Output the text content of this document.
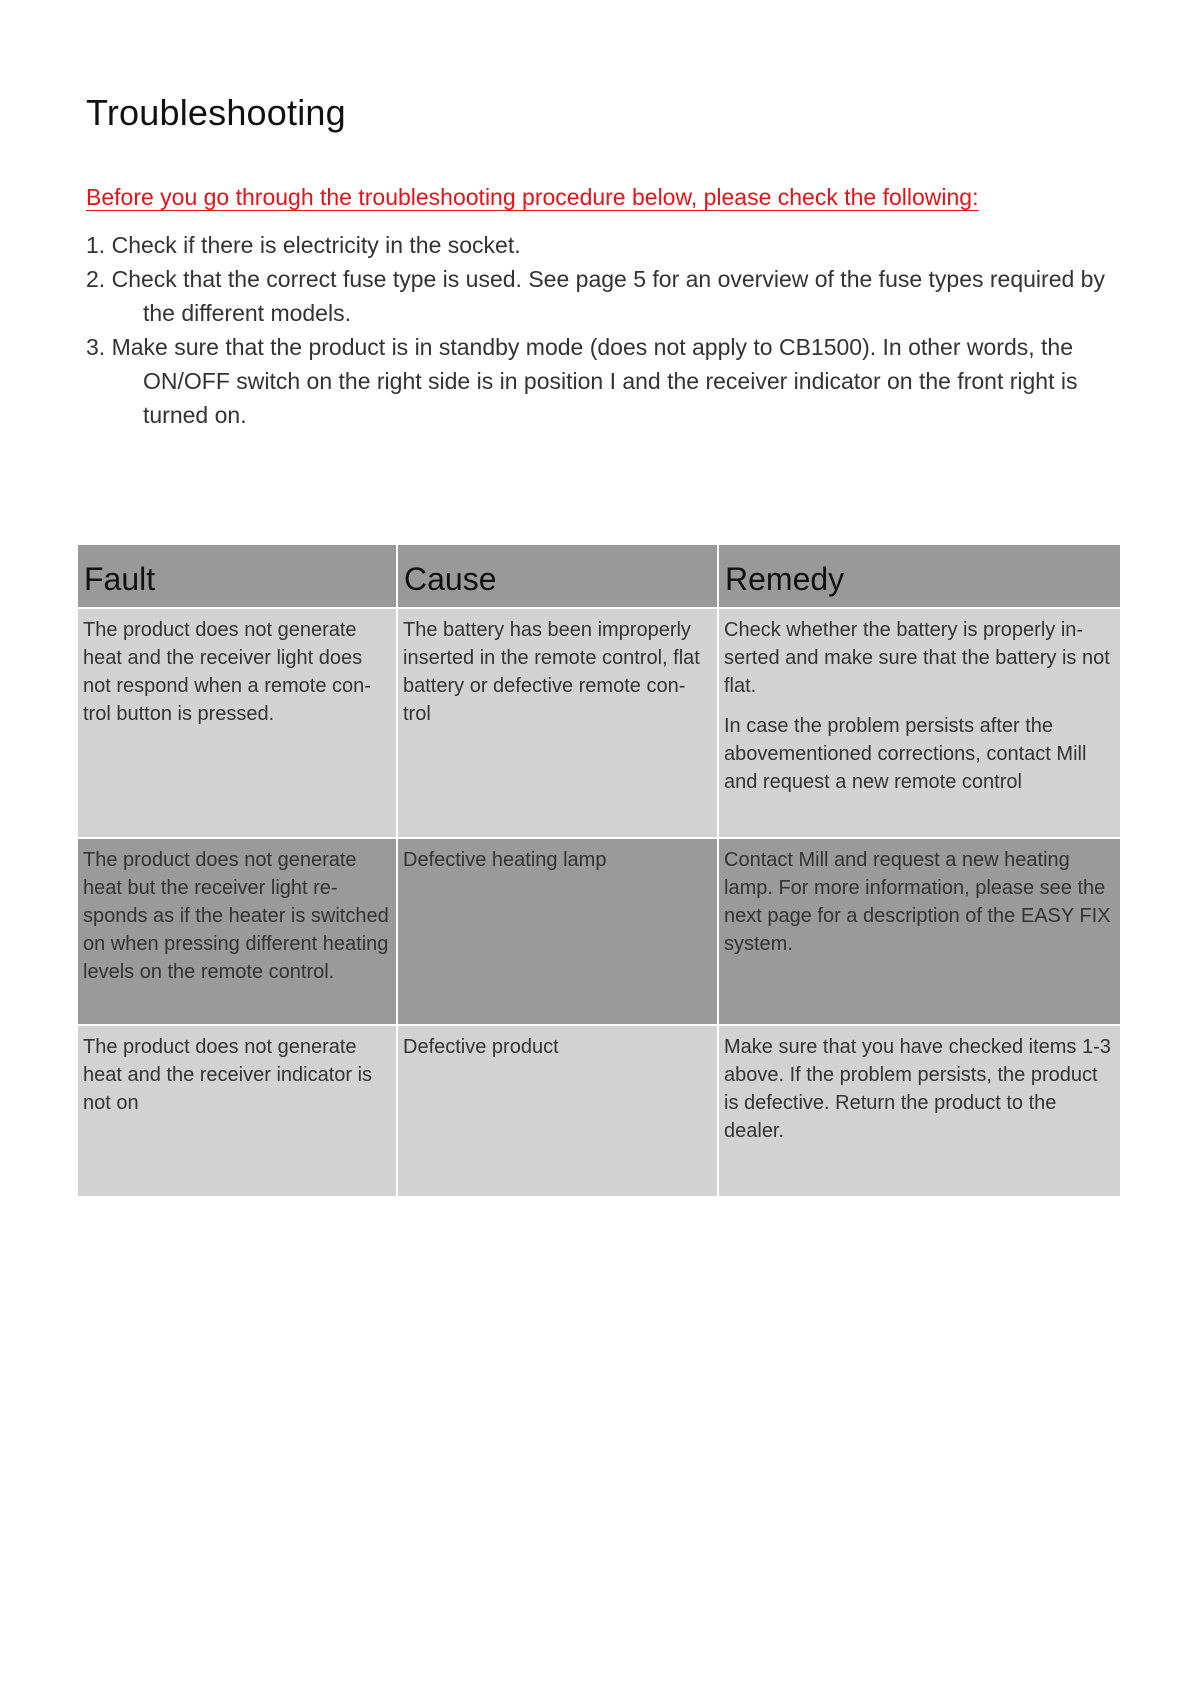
Troubleshooting

Before you go through the troubleshooting procedure below, please check the following:

1. Check if there is electricity in the socket.
2. Check that the correct fuse type is used. See page 5 for an overview of the fuse types required by the different models.
3. Make sure that the product is in standby mode (does not apply to CB1500). In other words, the ON/OFF switch on the right side is in position I and the receiver indicator on the front right is turned on.
Fault	Cause	Remedy
The product does not generate heat and the receiver light does not respond when a remote con-trol button is pressed.	The battery has been improperly inserted in the remote control, flat battery or defective remote con-trol	Check whether the battery is properly in-serted and make sure that the battery is not flat.

In case the problem persists after the abovementioned corrections, contact Mill and request a new remote control

The product does not generate heat but the receiver light re-sponds as if the heater is switched on when pressing different heating levels on the remote control.	Defective heating lamp	Contact Mill and request a new heating lamp. For more information, please see the next page for a description of the EASY FIX system.

The product does not generate heat and the receiver indicator is not on	Defective product	Make sure that you have checked items 1-3 above. If the problem persists, the product is defective. Return the product to the dealer.
